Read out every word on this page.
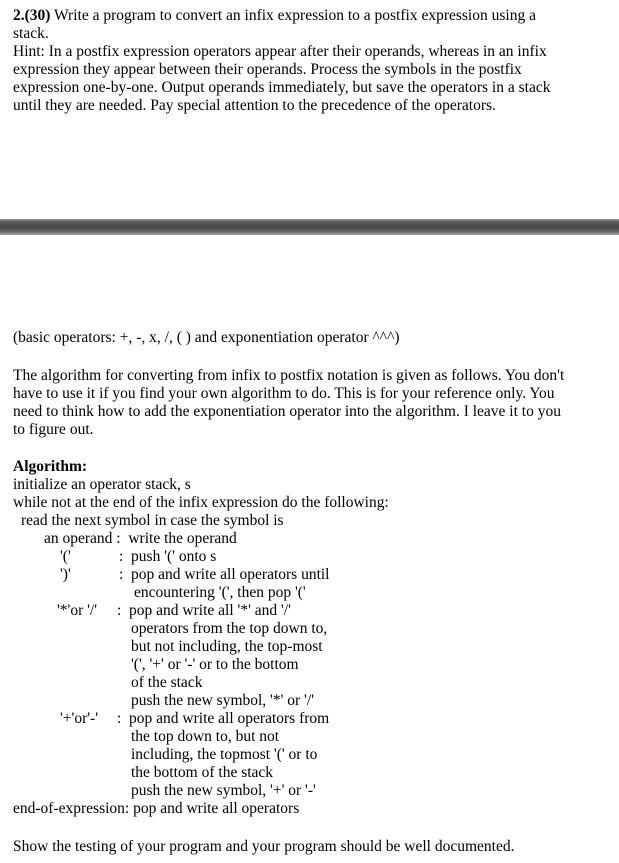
2.(30) Write a program to convert an infix expression to a postfix expression using a
stack.
Hint: In a postfix expression operators appear after their operands, whereas in an infix
expression they appear between their operands. Process the symbols in the postfix
expression one-by-one. Output operands immediately, but save the operators in a stack
until they are needed. Pay special attention to the precedence of the operators.
(basic operators: +, -, x, /, ( ) and exponentiation operator ^^^)
The algorithm for converting from infix to postfix notation is given as follows. You don't
have to use it if you find your own algorithm to do. This is for your reference only. You
need to think how to add the exponentiation operator into the algorithm. I leave it to you
to figure out.
Algorithm:
initialize an operator stack, s
while not at the end of the infix expression do the following:
read the next symbol in case the symbol is
an operand :  write the operand
'('	:  push '(' onto s
')'	:  pop and write all operators until
encountering '(', then pop '('
'*'or '/' :  pop and write all '*' and '/'
operators from the top down to,
but not including, the top-most
'(', '+' or '-' or to the bottom
of the stack
push the new symbol, '*' or '/'
'+'or'-' :  pop and write all operators from
the top down to, but not
including, the topmost '(' or to
the bottom of the stack
push the new symbol, '+' or '-'
end-of-expression: pop and write all operators
Show the testing of your program and your program should be well documented.
